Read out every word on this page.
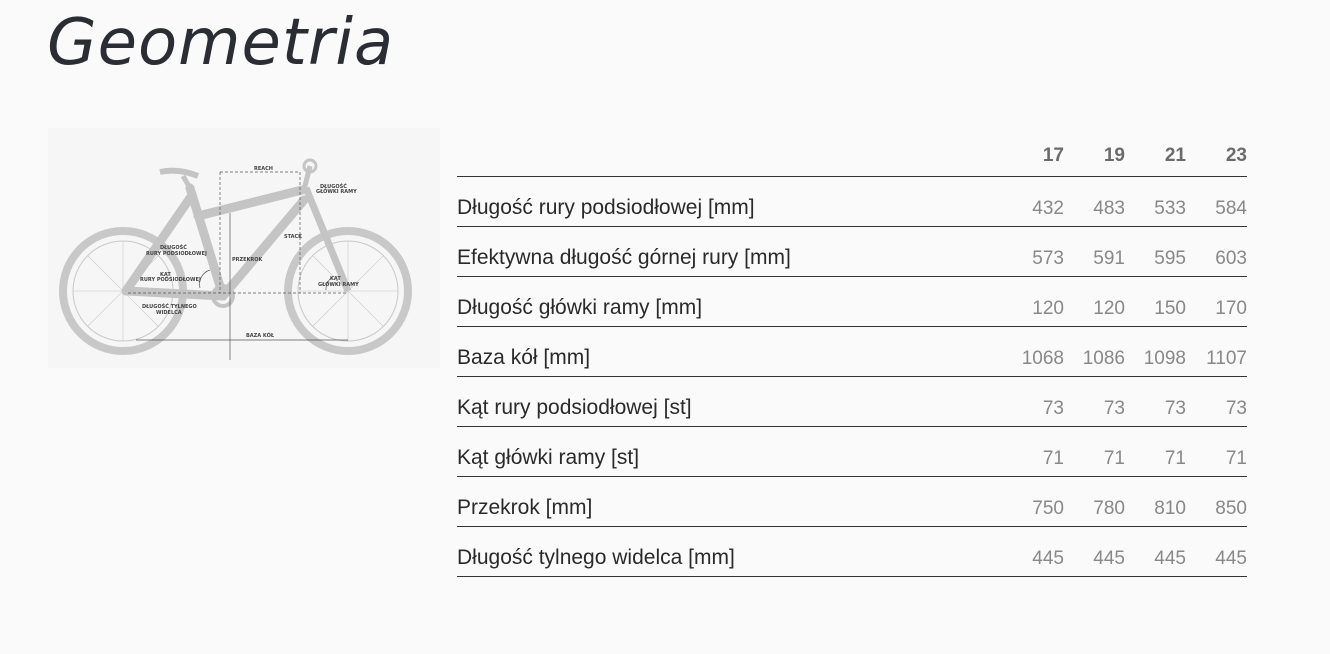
Geometria
REACH
DŁUGOŚĆ
GŁÓWKI RAMY
STACK
DŁUGOŚĆ
RURY PODSIODŁOWEJ
KĄT
RURY PODSIODŁOWEJ
PRZEKROK
KĄT
GŁÓWKI RAMY
DŁUGOŚĆ TYLNEGO
WIDELCA
BAZA KÓŁ
	17	19	21	23
Długość rury podsiodłowej [mm]	432	483	533	584
Efektywna długość górnej rury [mm]	573	591	595	603
Długość główki ramy [mm]	120	120	150	170
Baza kół [mm]	1068	1086	1098	1107
Kąt rury podsiodłowej [st]	73	73	73	73
Kąt główki ramy [st]	71	71	71	71
Przekrok [mm]	750	780	810	850
Długość tylnego widelca [mm]	445	445	445	445
